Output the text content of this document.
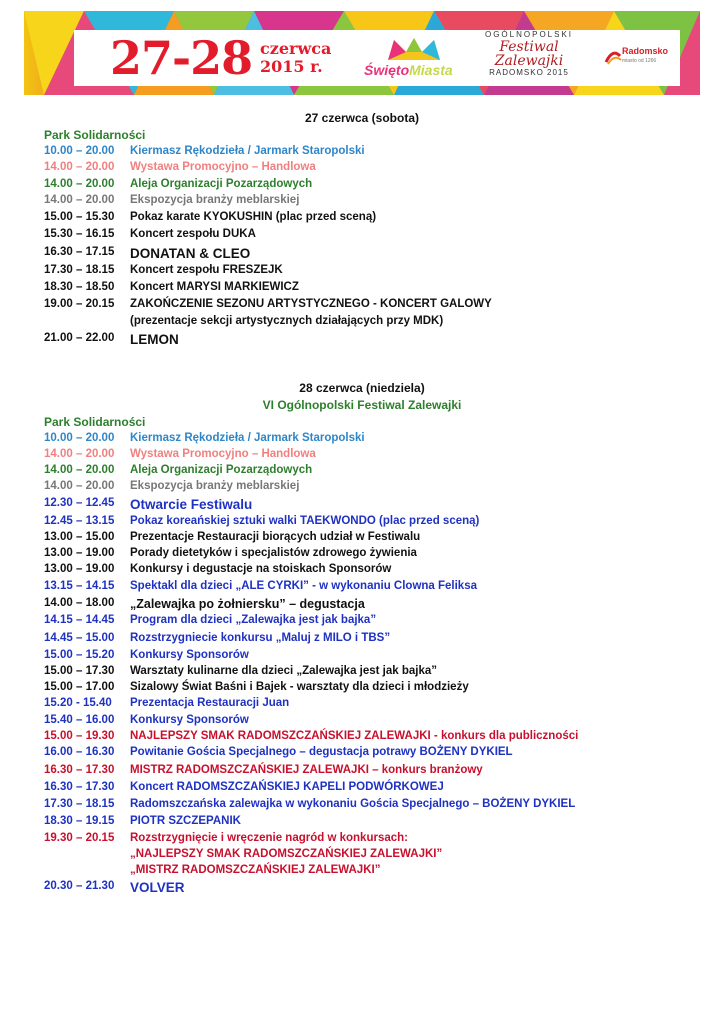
27-28 czerwca
2015 r.	ŚwiętoMiasta
OGÓLNOPOLSKI
Festiwal
Zalewajki
RADOMSKO 2015
Radomsko
miasto od 1266
27 czerwca (sobota)
Park Solidarności
10.00 – 20.00 Kiermasz Rękodzieła / Jarmark Staropolski
14.00 – 20.00 Wystawa Promocyjno – Handlowa
14.00 – 20.00 Aleja Organizacji Pozarządowych
14.00 – 20.00 Ekspozycja branży meblarskiej
15.00 – 15.30 Pokaz karate KYOKUSHIN (plac przed sceną)
15.30 – 16.15 Koncert zespołu DUKA
16.30 – 17.15 DONATAN & CLEO
17.30 – 18.15 Koncert zespołu FRESZEJK
18.30 – 18.50 Koncert MARYSI MARKIEWICZ
19.00 – 20.15 ZAKOŃCZENIE SEZONU ARTYSTYCZNEGO - KONCERT GALOWY
(prezentacje sekcji artystycznych działających przy MDK)
21.00 – 22.00 LEMON
28 czerwca (niedziela)
VI Ogólnopolski Festiwal Zalewajki
Park Solidarności
10.00 – 20.00 Kiermasz Rękodzieła / Jarmark Staropolski
14.00 – 20.00 Wystawa Promocyjno – Handlowa
14.00 – 20.00 Aleja Organizacji Pozarządowych
14.00 – 20.00 Ekspozycja branży meblarskiej
12.30 – 12.45 Otwarcie Festiwalu
12.45 – 13.15 Pokaz koreańskiej sztuki walki TAEKWONDO (plac przed sceną)
13.00 – 15.00 Prezentacje Restauracji biorących udział w Festiwalu
13.00 – 19.00 Porady dietetyków i specjalistów zdrowego żywienia
13.00 – 19.00 Konkursy i degustacje na stoiskach Sponsorów
13.15 – 14.15 Spektakl dla dzieci „ALE CYRKI” - w wykonaniu Clowna Feliksa
14.00 – 18.00 „Zalewajka po żołniersku” – degustacja
14.15 – 14.45 Program dla dzieci „Zalewajka jest jak bajka”
14.45 – 15.00 Rozstrzygniecie konkursu „Maluj z MILO i TBS”
15.00 – 15.20 Konkursy Sponsorów
15.00 – 17.30 Warsztaty kulinarne dla dzieci „Zalewajka jest jak bajka”
15.00 – 17.00 Sizalowy Świat Baśni i Bajek - warsztaty dla dzieci i młodzieży
15.20 - 15.40 Prezentacja Restauracji Juan
15.40 – 16.00 Konkursy Sponsorów
15.00 – 19.30 NAJLEPSZY SMAK RADOMSZCZAŃSKIEJ ZALEWAJKI - konkurs dla publiczności
16.00 – 16.30 Powitanie Gościa Specjalnego – degustacja potrawy BOŻENY DYKIEL
16.30 – 17.30 MISTRZ RADOMSZCZAŃSKIEJ ZALEWAJKI – konkurs branżowy
16.30 – 17.30 Koncert RADOMSZCZAŃSKIEJ KAPELI PODWÓRKOWEJ
17.30 – 18.15 Radomszczańska zalewajka w wykonaniu Gościa Specjalnego – BOŻENY DYKIEL
18.30 – 19.15 PIOTR SZCZEPANIK
19.30 – 20.15 Rozstrzygnięcie i wręczenie nagród w konkursach:
„NAJLEPSZY SMAK RADOMSZCZAŃSKIEJ ZALEWAJKI”
„MISTRZ RADOMSZCZAŃSKIEJ ZALEWAJKI”
20.30 – 21.30 VOLVER
